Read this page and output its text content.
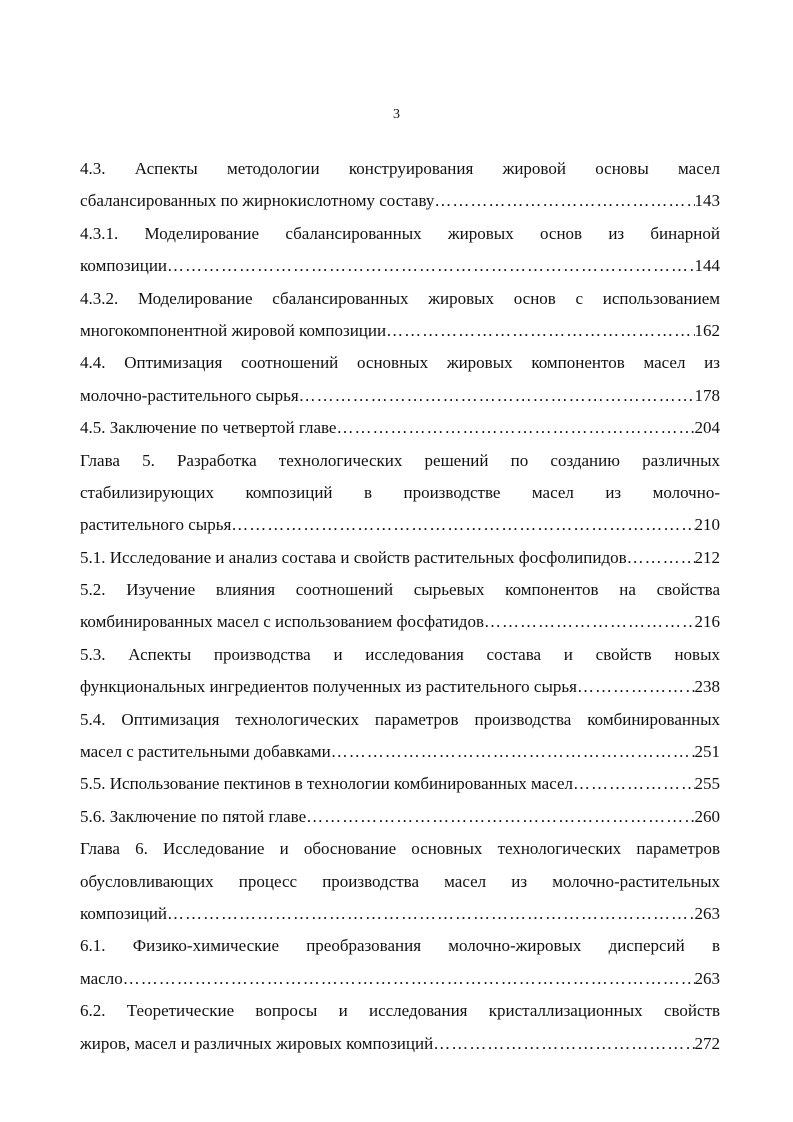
3
4.3. Аспекты методологии конструирования жировой основы масел
сбалансированных по жирнокислотному составу …………………………………………………………………………………………………………………………………………	143
4.3.1. Моделирование сбалансированных жировых основ из бинарной
композиции …………………………………………………………………………………………………………………………………………	144
4.3.2. Моделирование сбалансированных жировых основ с использованием
многокомпонентной жировой композиции …………………………………………………………………………………………………………………………………………	162
4.4. Оптимизация соотношений основных жировых компонентов масел из
молочно-растительного сырья …………………………………………………………………………………………………………………………………………	178
4.5. Заключение по четвертой главе …………………………………………………………………………………………………………………………………………	204
Глава 5. Разработка технологических решений по созданию различных
стабилизирующих композиций в производстве масел из молочно-
растительного сырья …………………………………………………………………………………………………………………………………………	210
5.1. Исследование и анализ состава и свойств растительных фосфолипидов …………………………………………………………………………………………………………………………………………	212
5.2. Изучение влияния соотношений сырьевых компонентов на свойства
комбинированных масел с использованием фосфатидов …………………………………………………………………………………………………………………………………………	216
5.3. Аспекты производства и исследования состава и свойств новых
функциональных ингредиентов полученных из растительного сырья …………………………………………………………………………………………………………………………………………	238
5.4. Оптимизация технологических параметров производства комбинированных
масел с растительными добавками …………………………………………………………………………………………………………………………………………	251
5.5. Использование пектинов в технологии комбинированных масел …………………………………………………………………………………………………………………………………………	255
5.6. Заключение по пятой главе …………………………………………………………………………………………………………………………………………	260
Глава 6. Исследование и обоснование основных технологических параметров
обусловливающих процесс производства масел из молочно-растительных
композиций …………………………………………………………………………………………………………………………………………	263
6.1. Физико-химические преобразования молочно-жировых дисперсий в
масло …………………………………………………………………………………………………………………………………………	263
6.2. Теоретические вопросы и исследования кристаллизационных свойств
жиров, масел и различных жировых композиций …………………………………………………………………………………………………………………………………………	272
